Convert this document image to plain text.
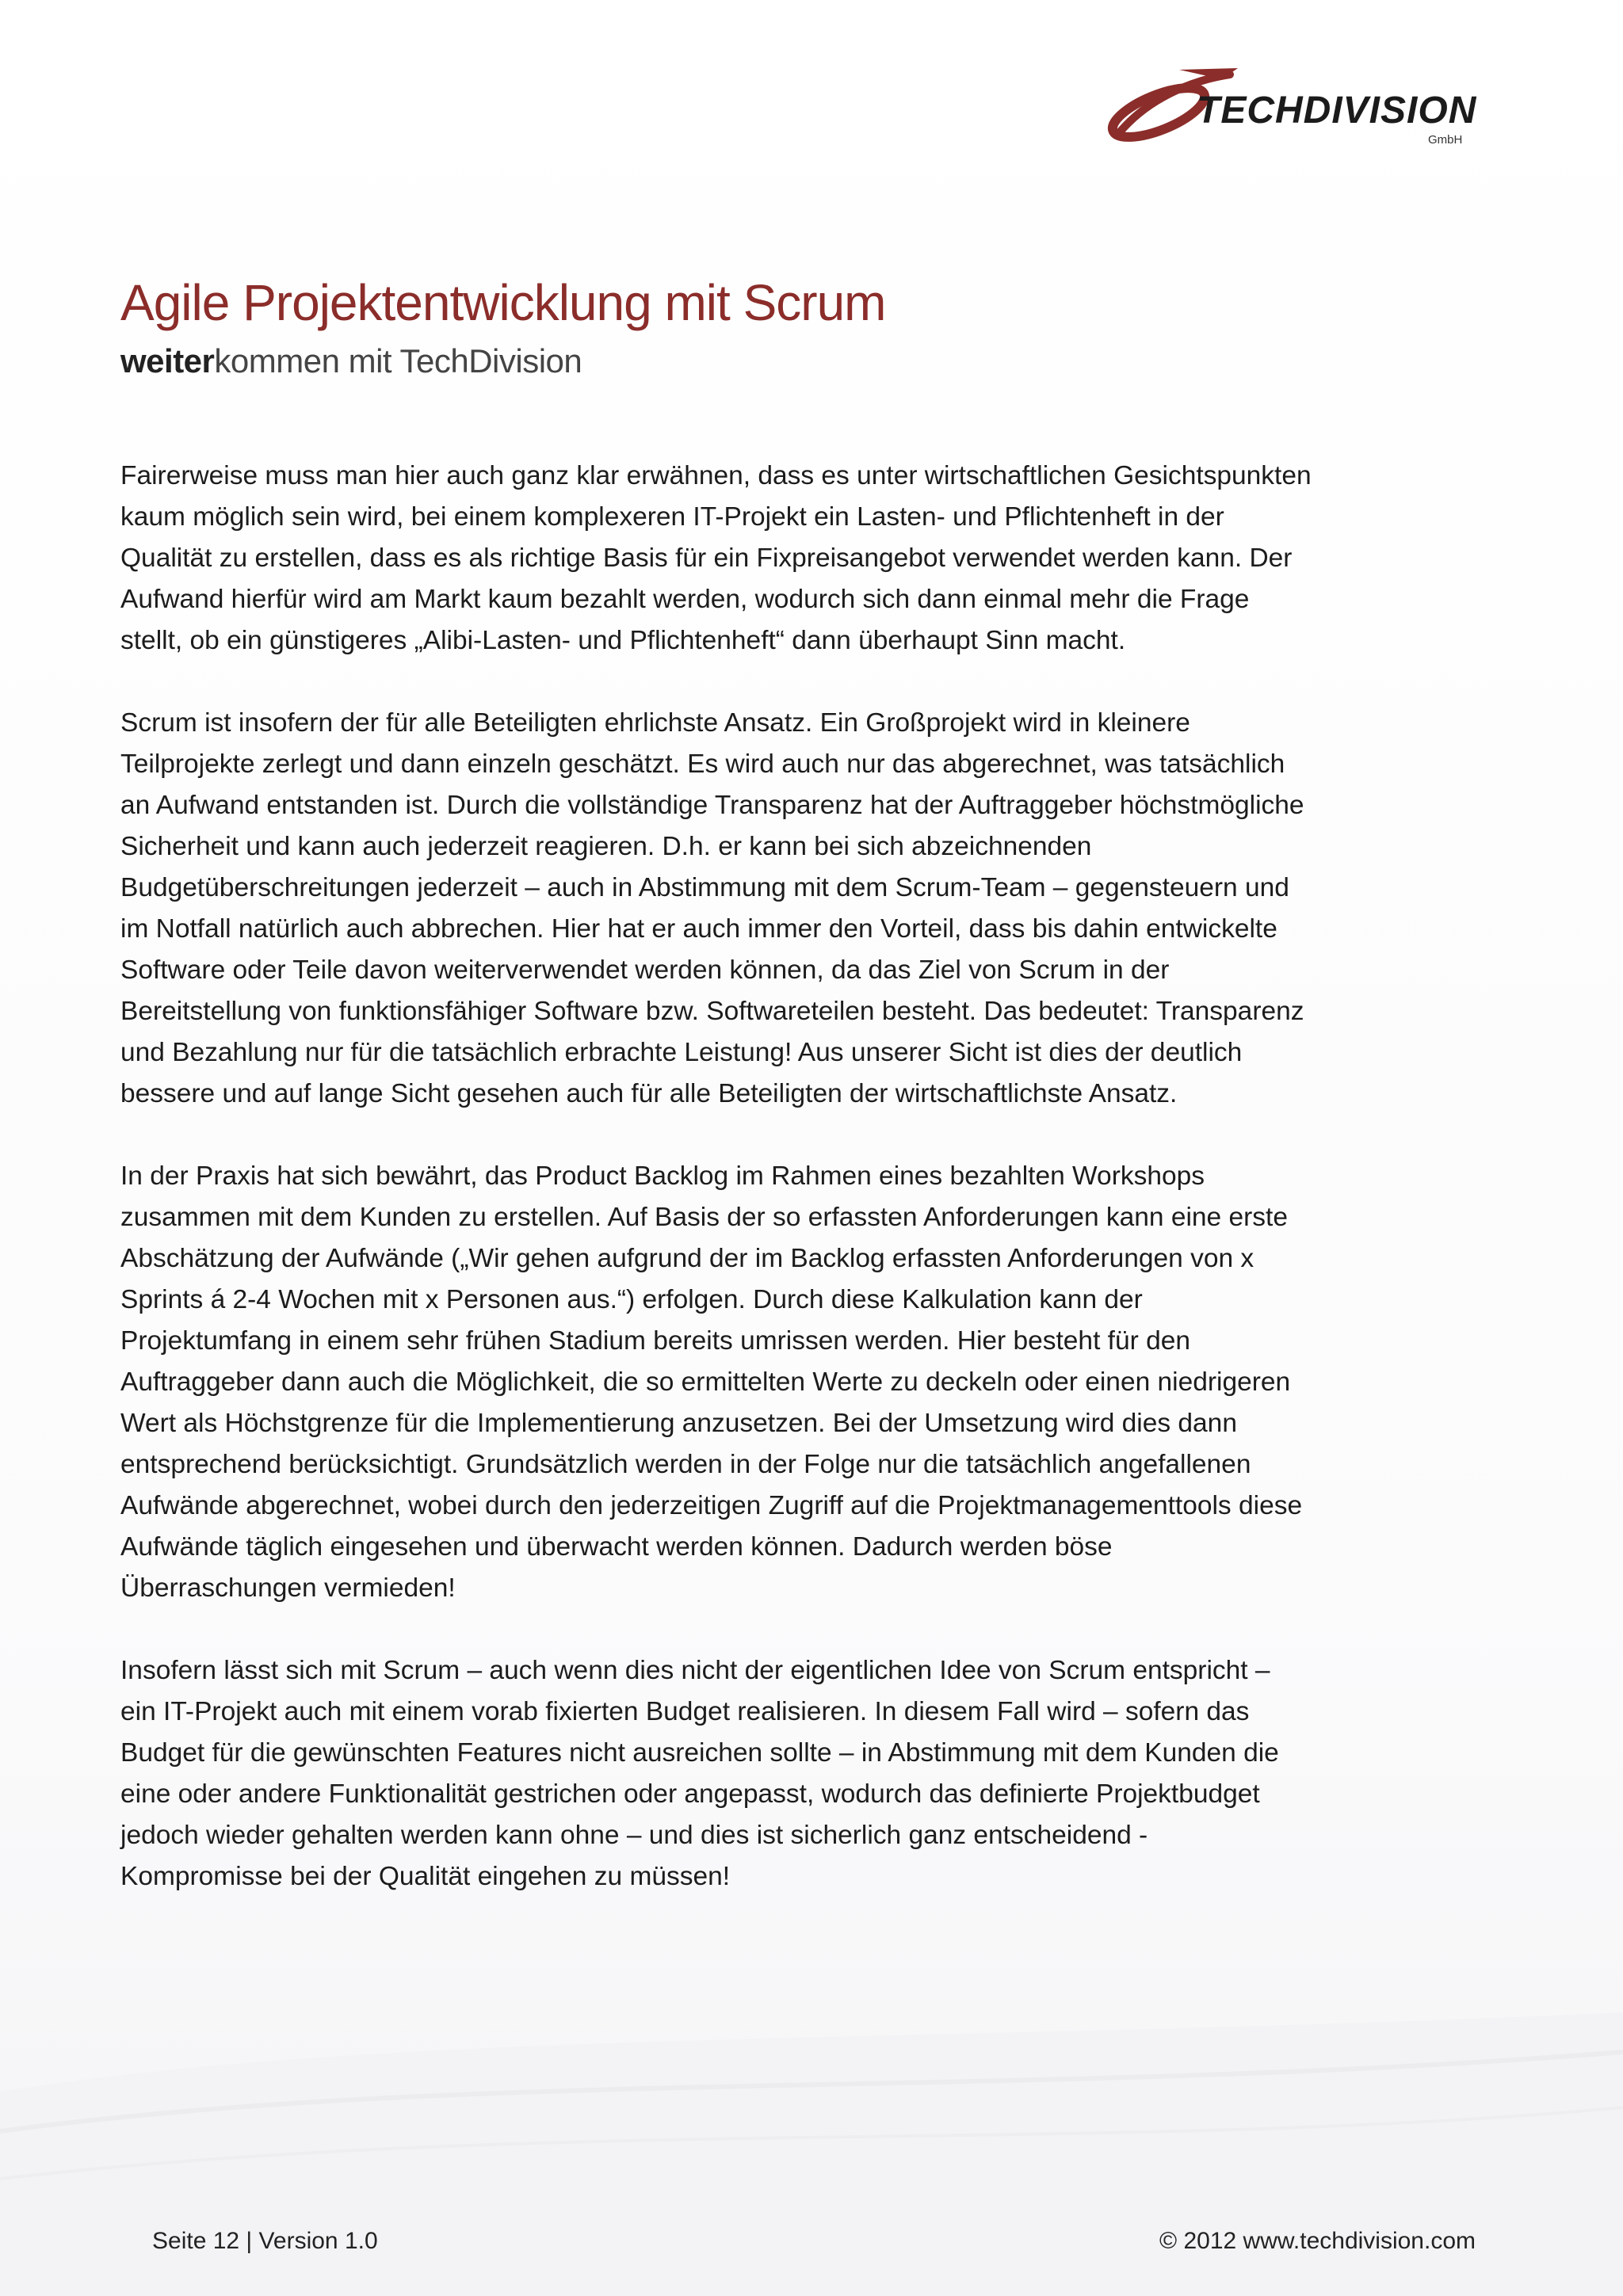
TECHDIVISION
GmbH
Agile Projektentwicklung mit Scrum

weiterkommen mit TechDivision

Fairerweise muss man hier auch ganz klar erwähnen, dass es unter wirtschaftlichen Gesichtspunkten
kaum möglich sein wird, bei einem komplexeren IT-Projekt ein Lasten- und Pflichtenheft in der
Qualität zu erstellen, dass es als richtige Basis für ein Fixpreisangebot verwendet werden kann. Der
Aufwand hierfür wird am Markt kaum bezahlt werden, wodurch sich dann einmal mehr die Frage
stellt, ob ein günstigeres „Alibi-Lasten- und Pflichtenheft“ dann überhaupt Sinn macht.

Scrum ist insofern der für alle Beteiligten ehrlichste Ansatz. Ein Großprojekt wird in kleinere
Teilprojekte zerlegt und dann einzeln geschätzt. Es wird auch nur das abgerechnet, was tatsächlich
an Aufwand entstanden ist. Durch die vollständige Transparenz hat der Auftraggeber höchstmögliche
Sicherheit und kann auch jederzeit reagieren. D.h. er kann bei sich abzeichnenden
Budgetüberschreitungen jederzeit – auch in Abstimmung mit dem Scrum-Team – gegensteuern und
im Notfall natürlich auch abbrechen. Hier hat er auch immer den Vorteil, dass bis dahin entwickelte
Software oder Teile davon weiterverwendet werden können, da das Ziel von Scrum in der
Bereitstellung von funktionsfähiger Software bzw. Softwareteilen besteht. Das bedeutet: Transparenz
und Bezahlung nur für die tatsächlich erbrachte Leistung! Aus unserer Sicht ist dies der deutlich
bessere und auf lange Sicht gesehen auch für alle Beteiligten der wirtschaftlichste Ansatz.

In der Praxis hat sich bewährt, das Product Backlog im Rahmen eines bezahlten Workshops
zusammen mit dem Kunden zu erstellen. Auf Basis der so erfassten Anforderungen kann eine erste
Abschätzung der Aufwände („Wir gehen aufgrund der im Backlog erfassten Anforderungen von x
Sprints á 2-4 Wochen mit x Personen aus.“) erfolgen. Durch diese Kalkulation kann der
Projektumfang in einem sehr frühen Stadium bereits umrissen werden. Hier besteht für den
Auftraggeber dann auch die Möglichkeit, die so ermittelten Werte zu deckeln oder einen niedrigeren
Wert als Höchstgrenze für die Implementierung anzusetzen. Bei der Umsetzung wird dies dann
entsprechend berücksichtigt. Grundsätzlich werden in der Folge nur die tatsächlich angefallenen
Aufwände abgerechnet, wobei durch den jederzeitigen Zugriff auf die Projektmanagementtools diese
Aufwände täglich eingesehen und überwacht werden können. Dadurch werden böse
Überraschungen vermieden!

Insofern lässt sich mit Scrum – auch wenn dies nicht der eigentlichen Idee von Scrum entspricht –
ein IT-Projekt auch mit einem vorab fixierten Budget realisieren. In diesem Fall wird – sofern das
Budget für die gewünschten Features nicht ausreichen sollte – in Abstimmung mit dem Kunden die
eine oder andere Funktionalität gestrichen oder angepasst, wodurch das definierte Projektbudget
jedoch wieder gehalten werden kann ohne – und dies ist sicherlich ganz entscheidend -
Kompromisse bei der Qualität eingehen zu müssen!

Seite 12 | Version 1.0	© 2012 www.techdivision.com
